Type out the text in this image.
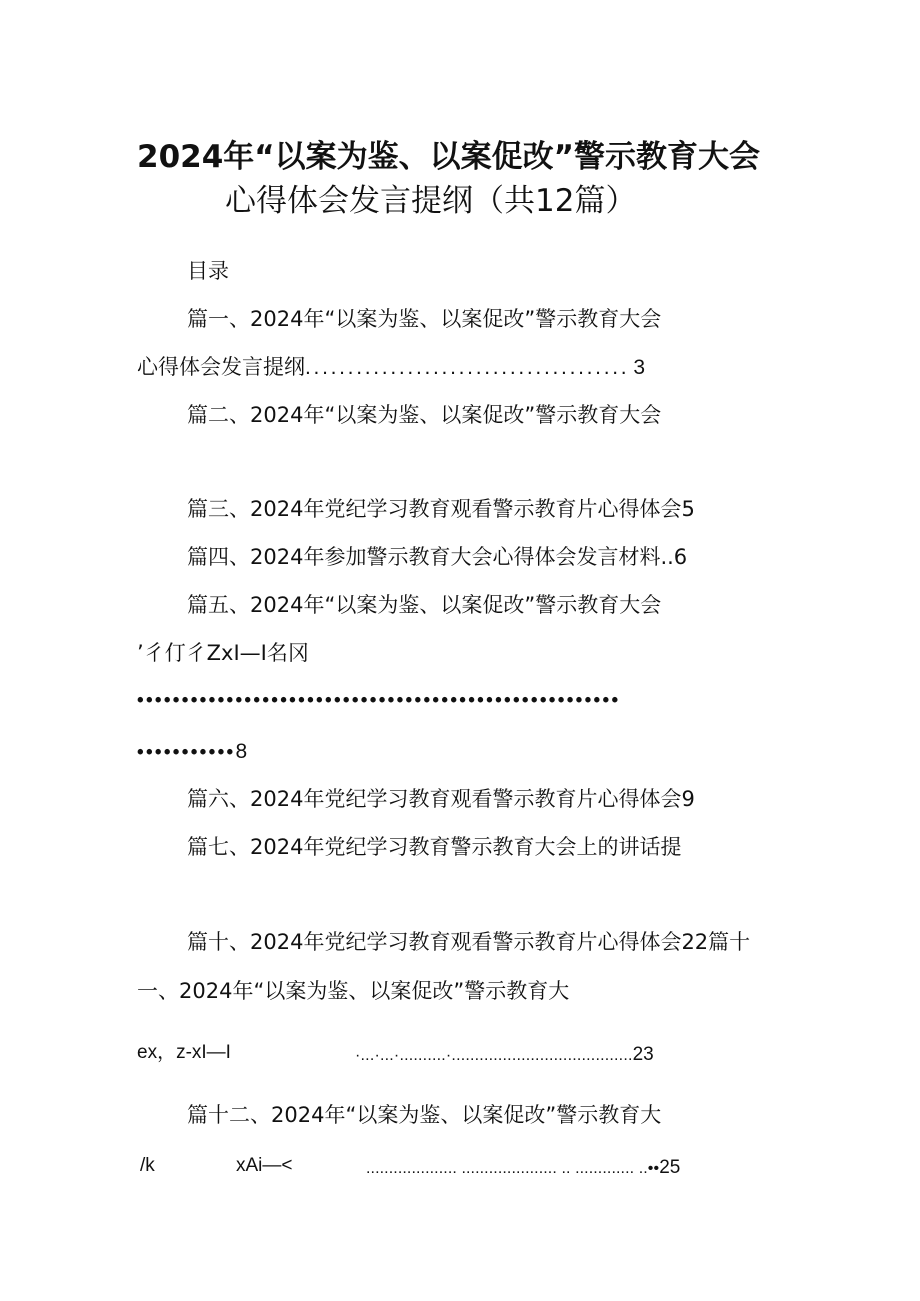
2024年“以案为鉴、以案促改”警示教育大会
心得体会发言提纲（共12篇）
目录
篇一、2024年“以案为鉴、以案促改”警示教育大会
心得体会发言提纲...................................... 3
篇二、2024年“以案为鉴、以案促改”警示教育大会
篇三、2024年党纪学习教育观看警示教育片心得体会5
篇四、2024年参加警示教育大会心得体会发言材料..6
篇五、2024年“以案为鉴、以案促改”警示教育大会
’彳仃彳ZxI—I名冈
••••••••••••••••••••••••••••••••••••••••••••••••••••••
•••••••••••8
篇六、2024年党纪学习教育观看警示教育片心得体会9
篇七、2024年党纪学习教育警示教育大会上的讲话提
篇十、2024年党纪学习教育观看警示教育片心得体会22篇十
一、2024年“以案为鉴、以案促改”警示教育大
ex，z-xI—I	·...·...·..........·.......................................23
篇十二、2024年“以案为鉴、以案促改”警示教育大
/k	xAi—<	.................... ..................... .. ............. ..••25
